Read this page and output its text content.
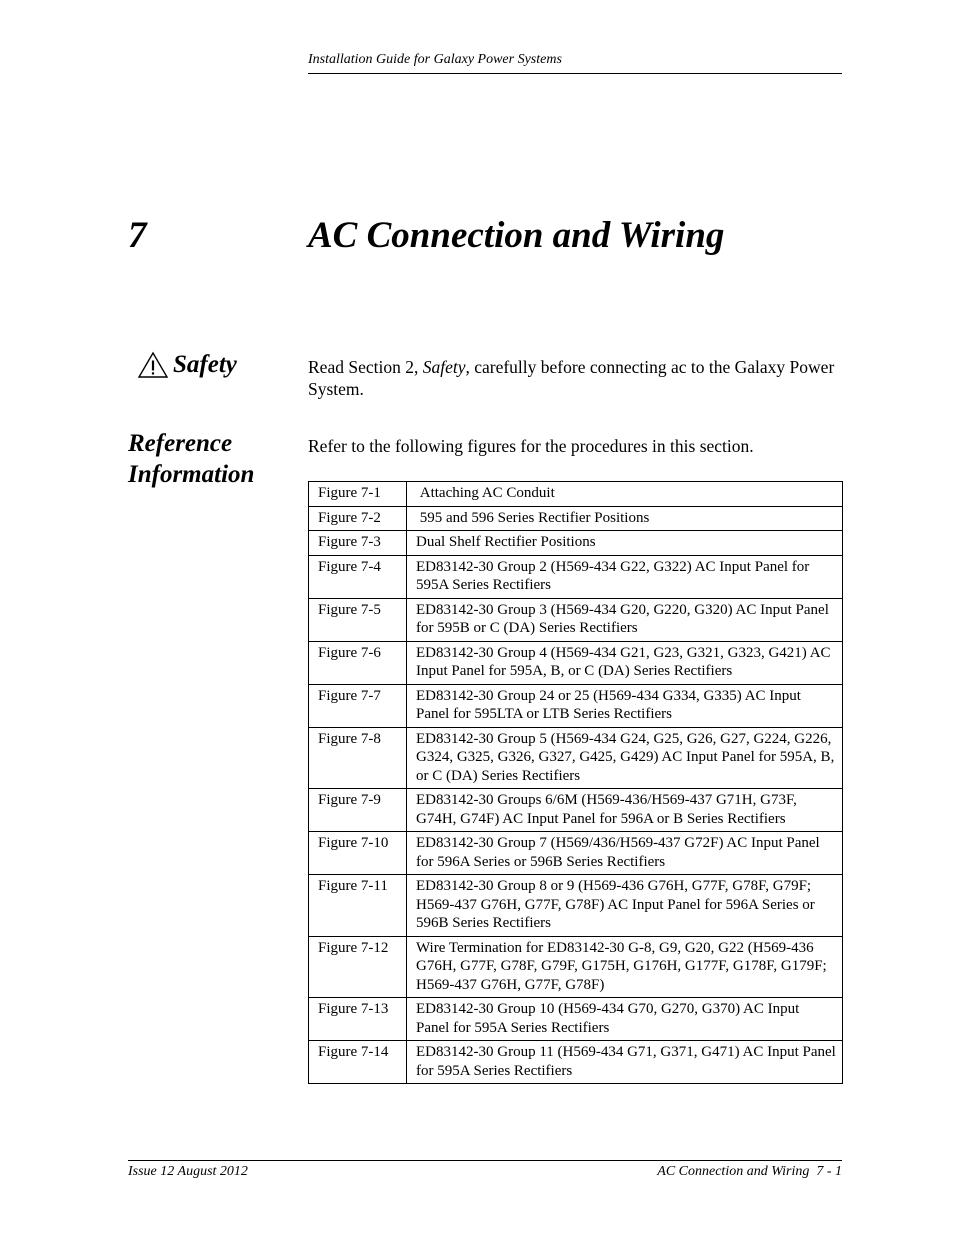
Installation Guide for Galaxy Power Systems
7	AC Connection and Wiring
Safety	Read Section 2, Safety, carefully before connecting ac to the Galaxy Power System.
Reference Information
Refer to the following figures for the procedures in this section.
Figure 7-1	Attaching AC Conduit
Figure 7-2	595 and 596 Series Rectifier Positions
Figure 7-3	Dual Shelf Rectifier Positions
Figure 7-4	ED83142-30 Group 2 (H569-434 G22, G322) AC Input Panel for 595A Series Rectifiers
Figure 7-5	ED83142-30 Group 3 (H569-434 G20, G220, G320) AC Input Panel for 595B or C (DA) Series Rectifiers
Figure 7-6	ED83142-30 Group 4 (H569-434 G21, G23, G321, G323, G421) AC Input Panel for 595A, B, or C (DA) Series Rectifiers
Figure 7-7	ED83142-30 Group 24 or 25 (H569-434 G334, G335) AC Input Panel for 595LTA or LTB Series Rectifiers
Figure 7-8	ED83142-30 Group 5 (H569-434 G24, G25, G26, G27, G224, G226, G324, G325, G326, G327, G425, G429) AC Input Panel for 595A, B, or C (DA) Series Rectifiers
Figure 7-9	ED83142-30 Groups 6/6M (H569-436/H569-437 G71H, G73F, G74H, G74F) AC Input Panel for 596A or B Series Rectifiers
Figure 7-10	ED83142-30 Group 7 (H569/436/H569-437 G72F) AC Input Panel for 596A Series or 596B Series Rectifiers
Figure 7-11	ED83142-30 Group 8 or 9 (H569-436 G76H, G77F, G78F, G79F; H569-437 G76H, G77F, G78F) AC Input Panel for 596A Series or 596B Series Rectifiers
Figure 7-12	Wire Termination for ED83142-30 G-8, G9, G20, G22 (H569-436 G76H, G77F, G78F, G79F, G175H, G176H, G177F, G178F, G179F; H569-437 G76H, G77F, G78F)
Figure 7-13	ED83142-30 Group 10 (H569-434 G70, G270, G370) AC Input Panel for 595A Series Rectifiers
Figure 7-14	ED83142-30 Group 11 (H569-434 G71, G371, G471) AC Input Panel for 595A Series Rectifiers
Issue 12 August 2012	AC Connection and Wiring  7 - 1
